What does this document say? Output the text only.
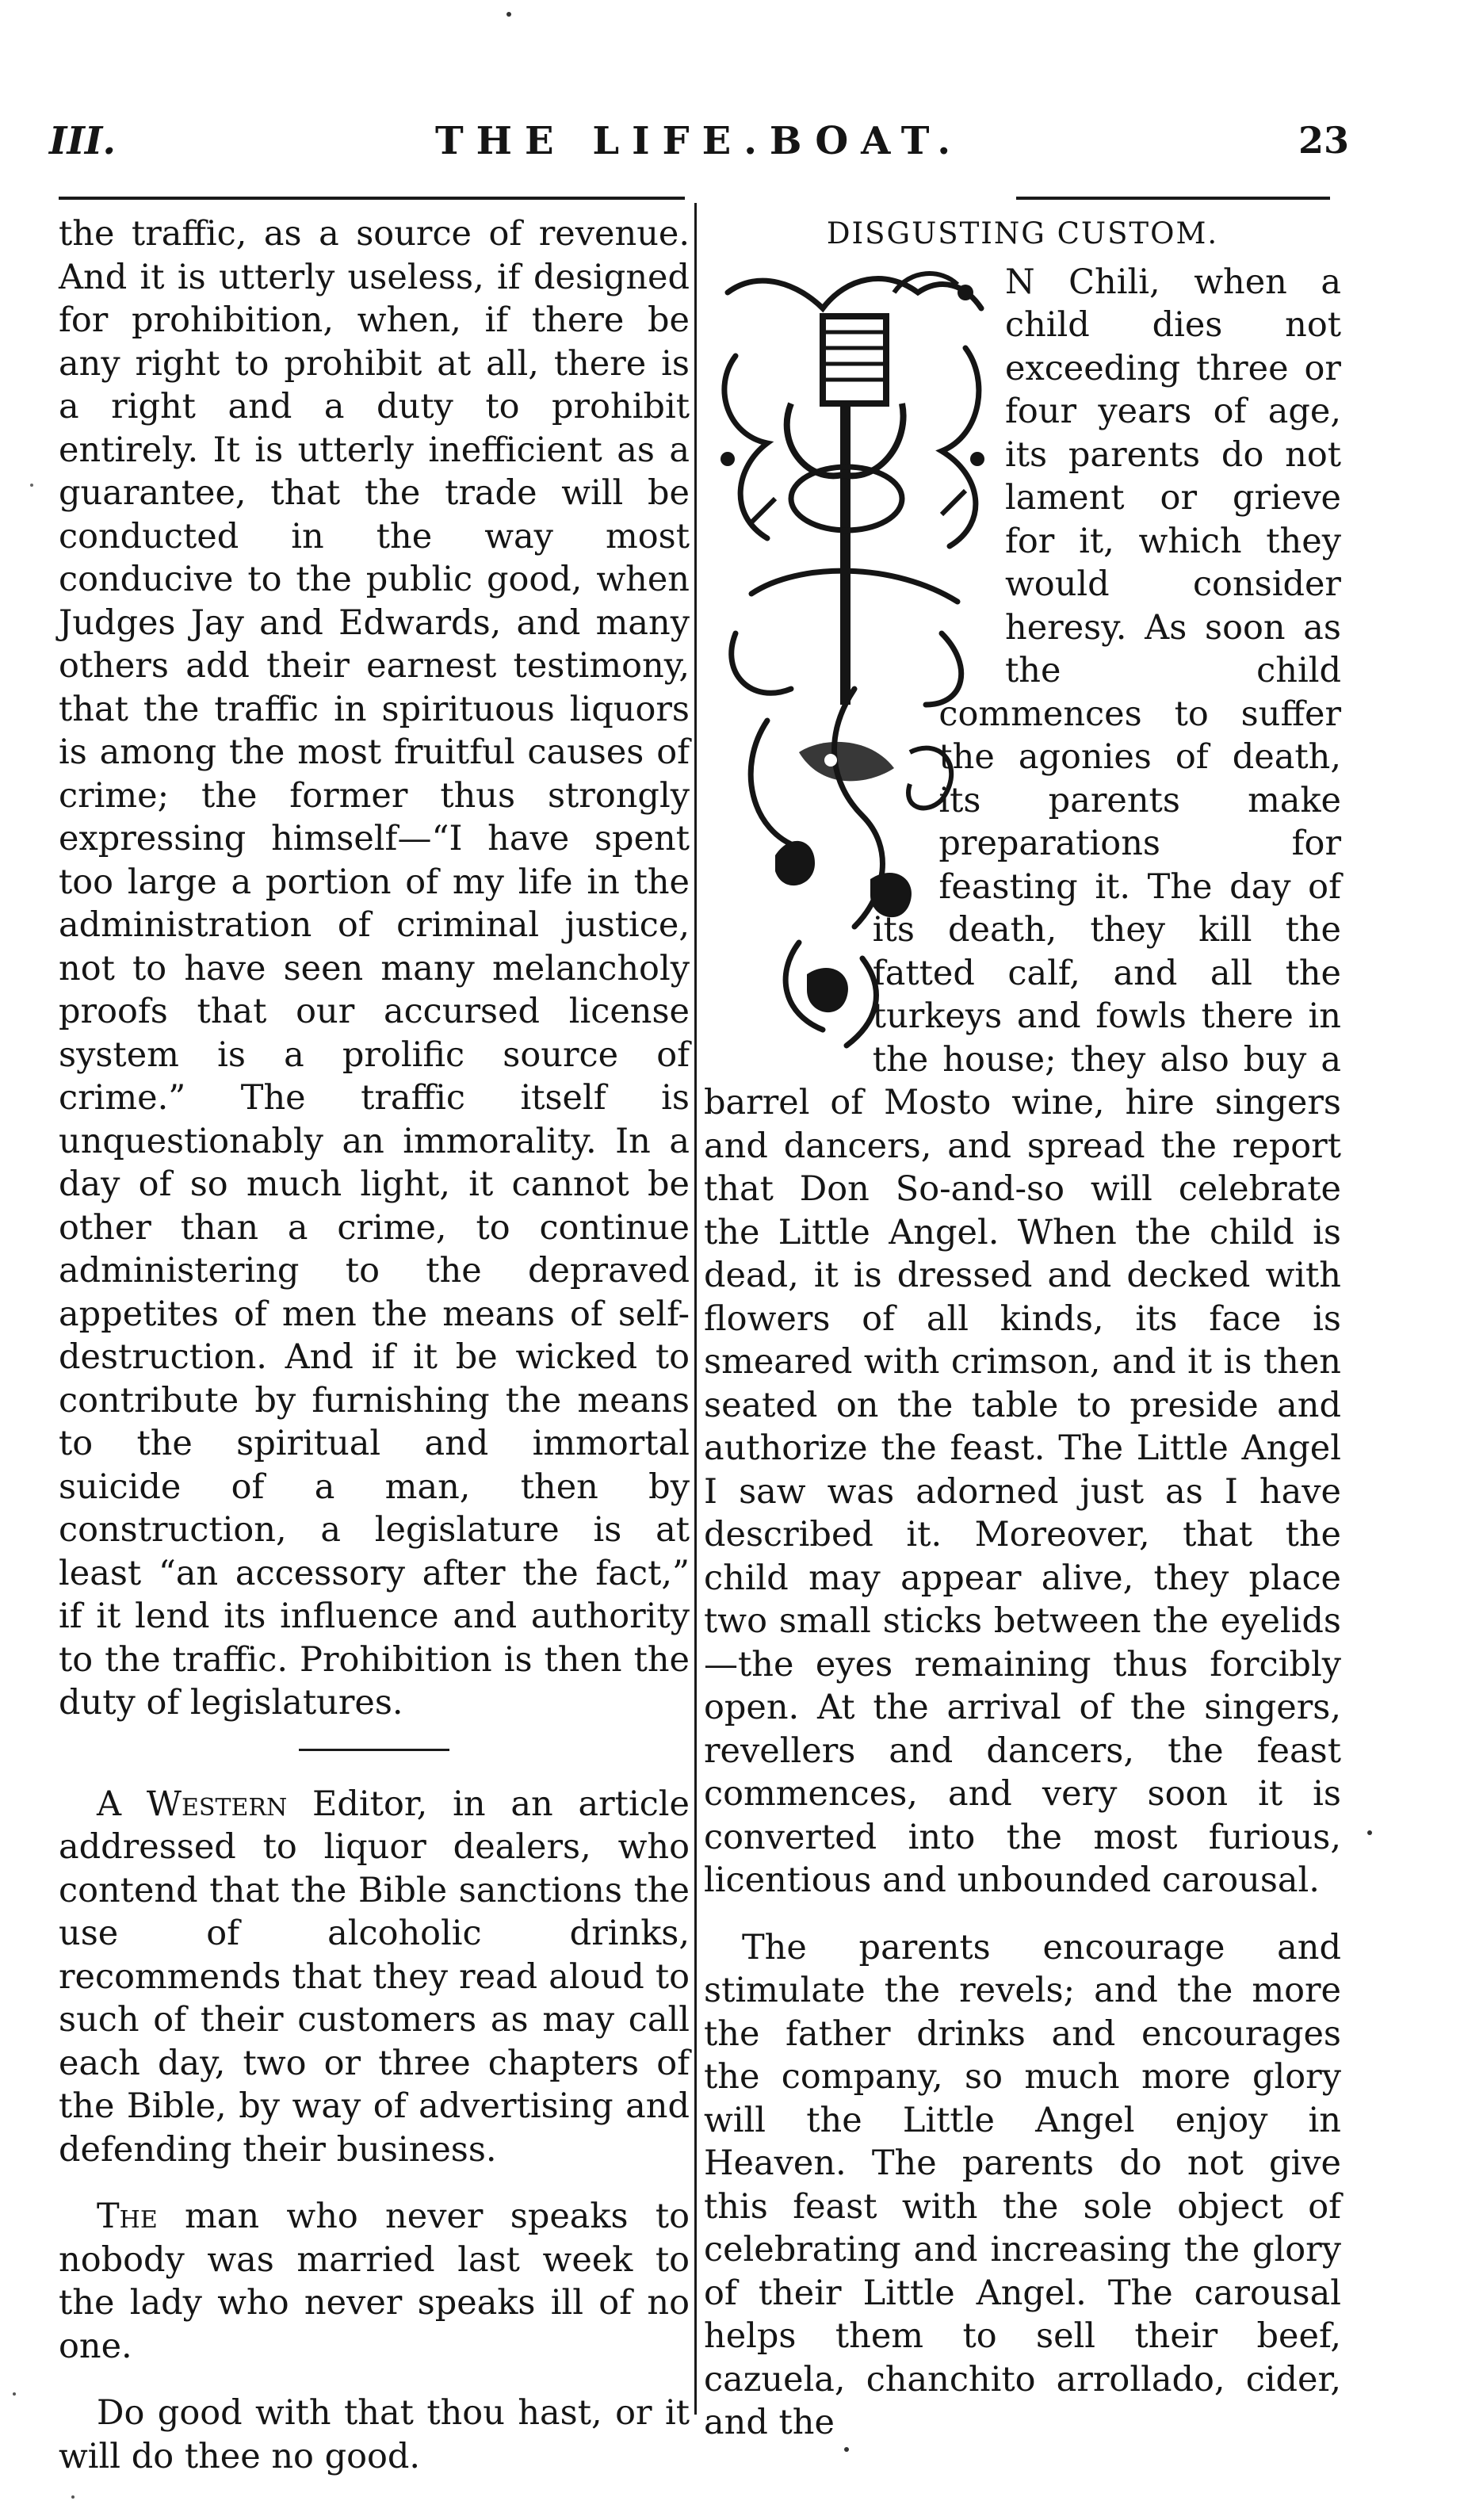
III.	THE LIFE.BOAT.	23

the traffic, as a source of revenue. And it is utterly useless, if designed for prohibition, when, if there be any right to prohibit at all, there is a right and a duty to prohibit entirely. It is utterly inefficient as a guarantee, that the trade will be conducted in the way most conducive to the public good, when Judges Jay and Edwards, and many others add their earnest testimony, that the traffic in spirituous liquors is among the most fruitful causes of crime; the former thus strongly expressing himself—“I have spent too large a portion of my life in the administration of criminal justice, not to have seen many melancholy proofs that our accursed license system is a prolific source of crime.” The traffic itself is unquestionably an immorality. In a day of so much light, it cannot be other than a crime, to continue administering to the depraved appetites of men the means of self-destruction. And if it be wicked to contribute by furnishing the means to the spiritual and immortal suicide of a man, then by construction, a legislature is at least “an accessory after the fact,” if it lend its influence and authority to the traffic. Prohibition is then the duty of legislatures.

A Western Editor, in an article addressed to liquor dealers, who contend that the Bible sanctions the use of alcoholic drinks, recommends that they read aloud to such of their customers as may call each day, two or three chapters of the Bible, by way of advertising and defending their business.

The man who never speaks to nobody was married last week to the lady who never speaks ill of no one.

Do good with that thou hast, or it will do thee no good.

DISGUSTING CUSTOM.

N Chili, when a child dies not exceeding three or four years of age, its parents do not lament or grieve for it, which they would consider heresy. As soon as the child commences to suffer the agonies of death, its parents make preparations for feasting it. The day of its death, they kill the fatted calf, and all the turkeys and fowls there in the house; they also buy a barrel of Mosto wine, hire singers and dancers, and spread the report that Don So-and-so will celebrate the Little Angel. When the child is dead, it is dressed and decked with flowers of all kinds, its face is smeared with crimson, and it is then seated on the table to preside and authorize the feast. The Little Angel I saw was adorned just as I have described it. Moreover, that the child may appear alive, they place two small sticks between the eyelids—the eyes remaining thus forcibly open. At the arrival of the singers, revellers and dancers, the feast commences, and very soon it is converted into the most furious, licentious and unbounded carousal.

The parents encourage and stimulate the revels; and the more the father drinks and encourages the company, so much more glory will the Little Angel enjoy in Heaven. The parents do not give this feast with the sole object of celebrating and increasing the glory of their Little Angel. The carousal helps them to sell their beef, cazuela, chanchito arrollado, cider, and the
